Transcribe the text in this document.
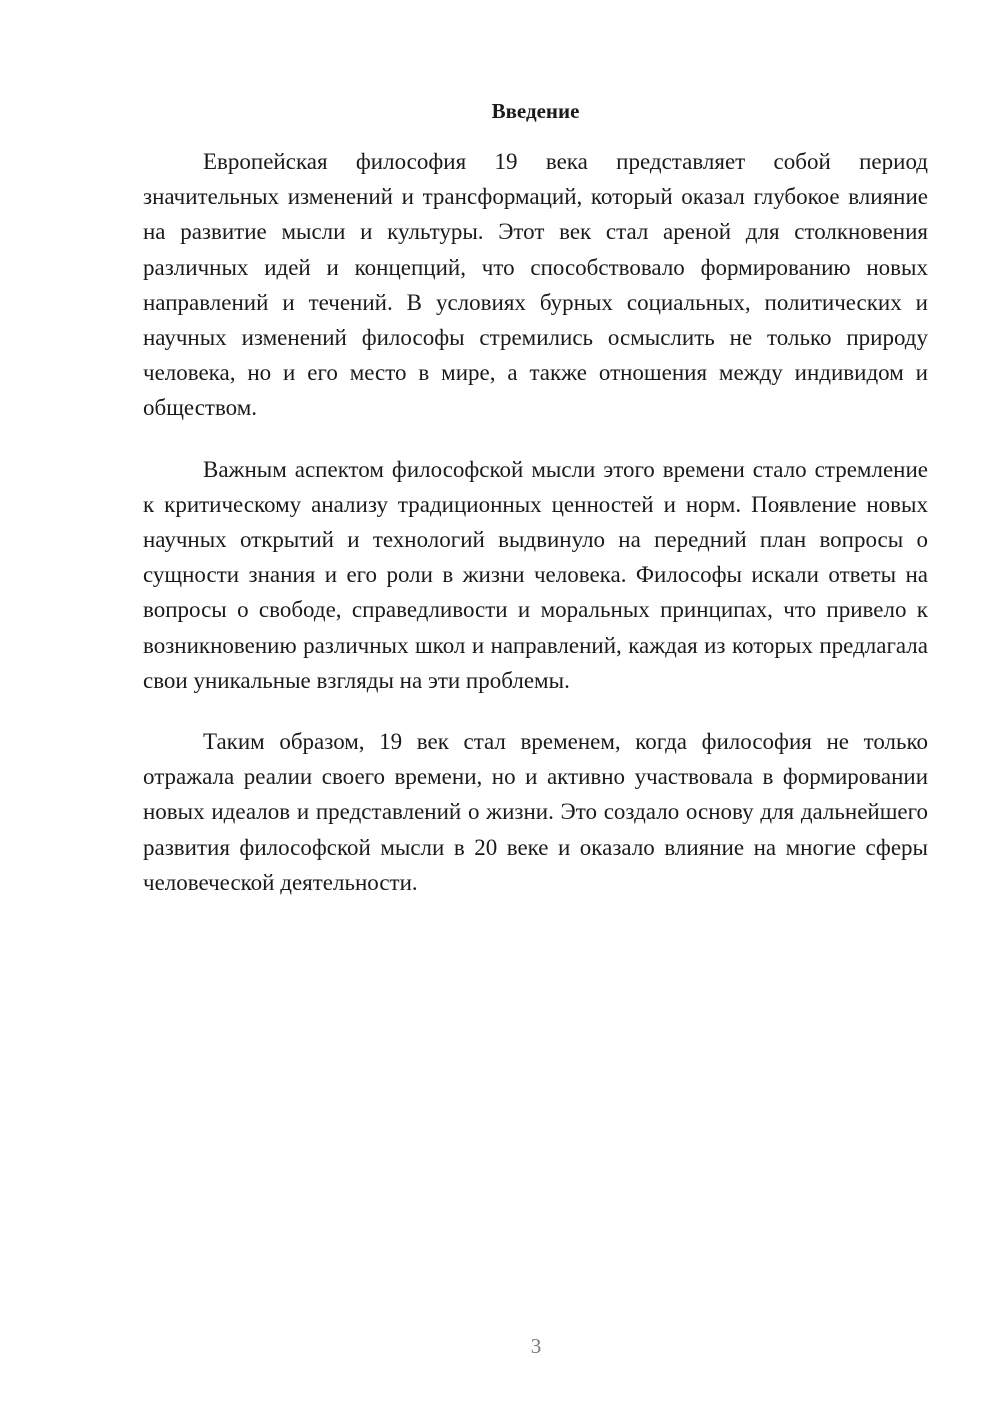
Введение

Европейская философия 19 века представляет собой период значительных изменений и трансформаций, который оказал глубокое влияние на развитие мысли и культуры. Этот век стал ареной для столкновения различных идей и концепций, что способствовало формированию новых направлений и течений. В условиях бурных социальных, политических и научных изменений философы стремились осмыслить не только природу человека, но и его место в мире, а также отношения между индивидом и обществом.

Важным аспектом философской мысли этого времени стало стремление к критическому анализу традиционных ценностей и норм. Появление новых научных открытий и технологий выдвинуло на передний план вопросы о сущности знания и его роли в жизни человека. Философы искали ответы на вопросы о свободе, справедливости и моральных принципах, что привело к возникновению различных школ и направлений, каждая из которых предлагала свои уникальные взгляды на эти проблемы.

Таким образом, 19 век стал временем, когда философия не только отражала реалии своего времени, но и активно участвовала в формировании новых идеалов и представлений о жизни. Это создало основу для дальнейшего развития философской мысли в 20 веке и оказало влияние на многие сферы человеческой деятельности.

3
